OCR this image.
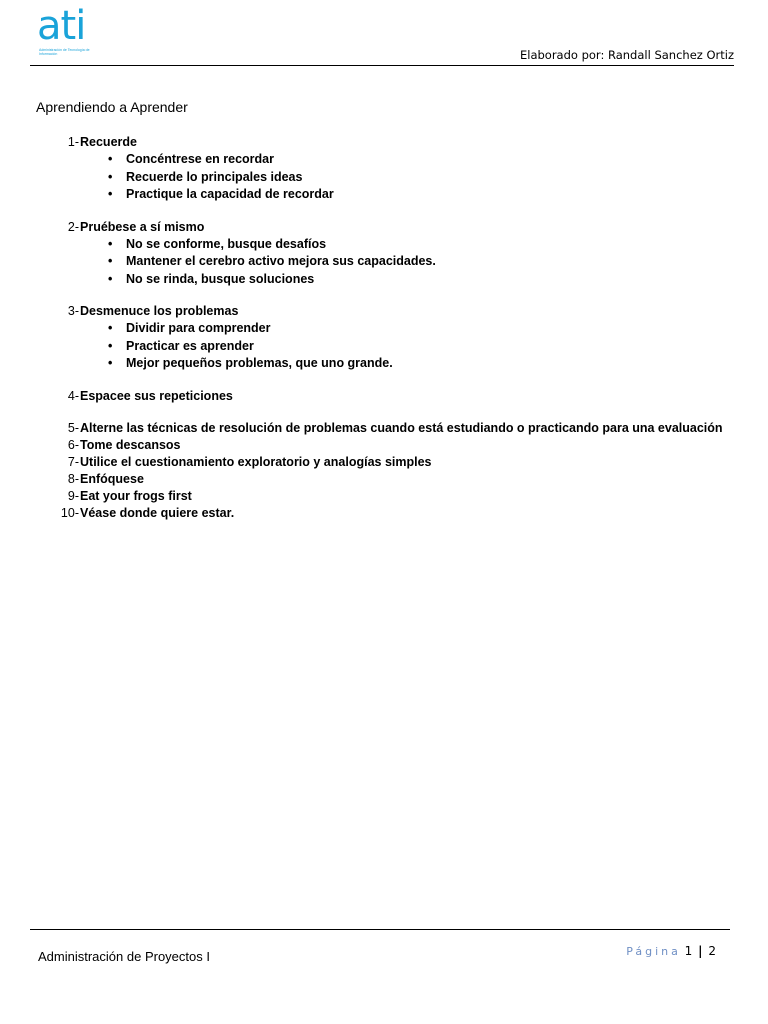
ati
Administración de Tecnología de Información	Elaborado por: Randall Sanchez Ortiz
Aprendiendo a Aprender
1- Recuerde
• Concéntrese en recordar
• Recuerde lo principales ideas
• Practique la capacidad de recordar
2- Pruébese a sí mismo
• No se conforme, busque desafíos
• Mantener el cerebro activo mejora sus capacidades.
• No se rinda, busque soluciones
3- Desmenuce los problemas
• Dividir para comprender
• Practicar es aprender
• Mejor pequeños problemas, que uno grande.
4- Espacee sus repeticiones
5- Alterne las técnicas de resolución de problemas cuando está estudiando o practicando para una evaluación
6- Tome descansos
7- Utilice el cuestionamiento exploratorio y analogías simples
8- Enfóquese
9- Eat your frogs first
10- Véase donde quiere estar.
Administración de Proyectos I	Página 1 | 2
